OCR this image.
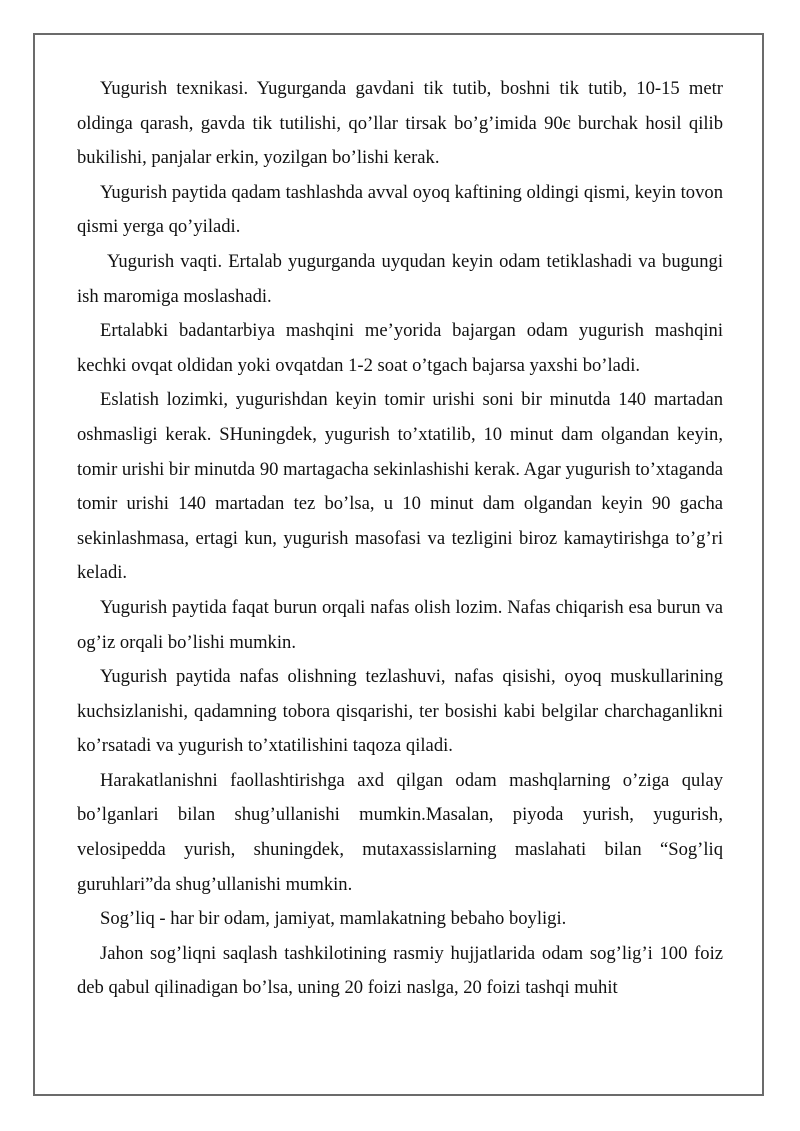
Yugurish texnikasi. Yugurganda gavdani tik tutib, boshni tik tutib, 10-15 metr oldinga qarash, gavda tik tutilishi, qo’llar tirsak bo’g’imida 90є burchak hosil qilib bukilishi, panjalar erkin, yozilgan bo’lishi kerak.

Yugurish paytida qadam tashlashda avval oyoq kaftining oldingi qismi, keyin tovon qismi yerga qo’yiladi.

Yugurish vaqti. Ertalab yugurganda uyqudan keyin odam tetiklashadi va bugungi ish maromiga moslashadi.

Ertalabki badantarbiya mashqini me’yorida bajargan odam yugurish mashqini kechki ovqat oldidan yoki ovqatdan 1-2 soat o’tgach bajarsa yaxshi bo’ladi.

Eslatish lozimki, yugurishdan keyin tomir urishi soni bir minutda 140 martadan oshmasligi kerak. SHuningdek, yugurish to’xtatilib, 10 minut dam olgandan keyin, tomir urishi bir minutda 90 martagacha sekinlashishi kerak. Agar yugurish to’xtaganda tomir urishi 140 martadan tez bo’lsa, u 10 minut dam olgandan keyin 90 gacha sekinlashmasa, ertagi kun, yugurish masofasi va tezligini biroz kamaytirishga to’g’ri keladi.

Yugurish paytida faqat burun orqali nafas olish lozim. Nafas chiqarish esa burun va og’iz orqali bo’lishi mumkin.

Yugurish paytida nafas olishning tezlashuvi, nafas qisishi, oyoq muskullarining kuchsizlanishi, qadamning tobora qisqarishi, ter bosishi kabi belgilar charchaganlikni ko’rsatadi va yugurish to’xtatilishini taqoza qiladi.

Harakatlanishni faollashtirishga axd qilgan odam mashqlarning o’ziga qulay bo’lganlari bilan shug’ullanishi mumkin.Masalan, piyoda yurish, yugurish, velosipedda yurish, shuningdek, mutaxassislarning maslahati bilan “Sog’liq guruhlari”da shug’ullanishi mumkin.

Sog’liq - har bir odam, jamiyat, mamlakatning bebaho boyligi.

Jahon sog’liqni saqlash tashkilotining rasmiy hujjatlarida odam sog’lig’i 100 foiz deb qabul qilinadigan bo’lsa, uning 20 foizi naslga, 20 foizi tashqi muhit
